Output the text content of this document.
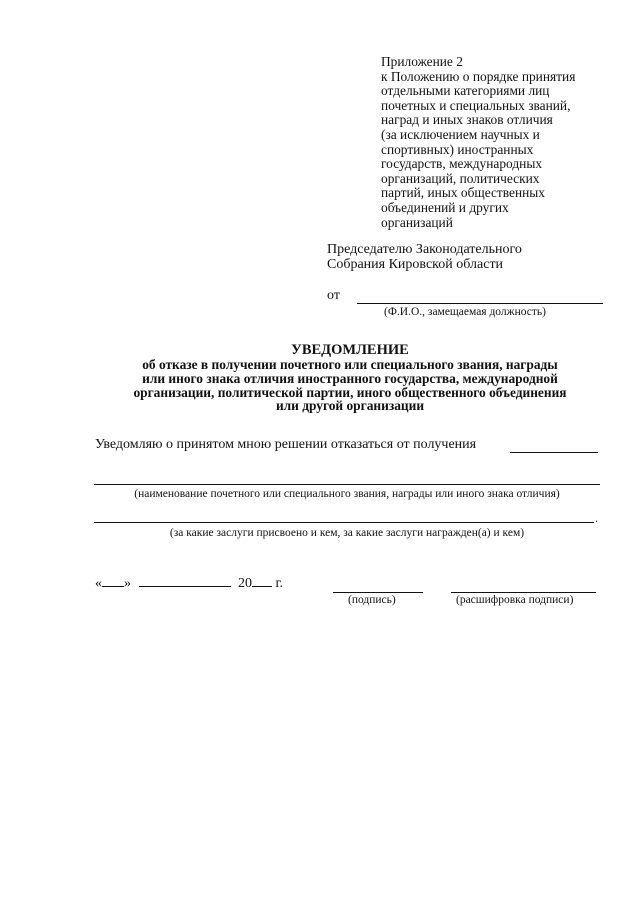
Приложение 2
к Положению о порядке принятия
отдельными категориями лиц
почетных и специальных званий,
наград и иных знаков отличия
(за исключением научных и
спортивных) иностранных
государств, международных
организаций, политических
партий, иных общественных
объединений и других
организаций
Председателю Законодательного
Собрания Кировской области
от
(Ф.И.О., замещаемая должность)
УВЕДОМЛЕНИЕ
об отказе в получении почетного или специального звания, награды
или иного знака отличия иностранного государства, международной
организации, политической партии, иного общественного объединения
или другой организации
Уведомляю о принятом мною решении отказаться от получения
(наименование почетного или специального звания, награды или иного знака отличия)
.
(за какие заслуги присвоено и кем, за какие заслуги награжден(а) и кем)
« »	20 г.
(подпись)	(расшифровка подписи)
